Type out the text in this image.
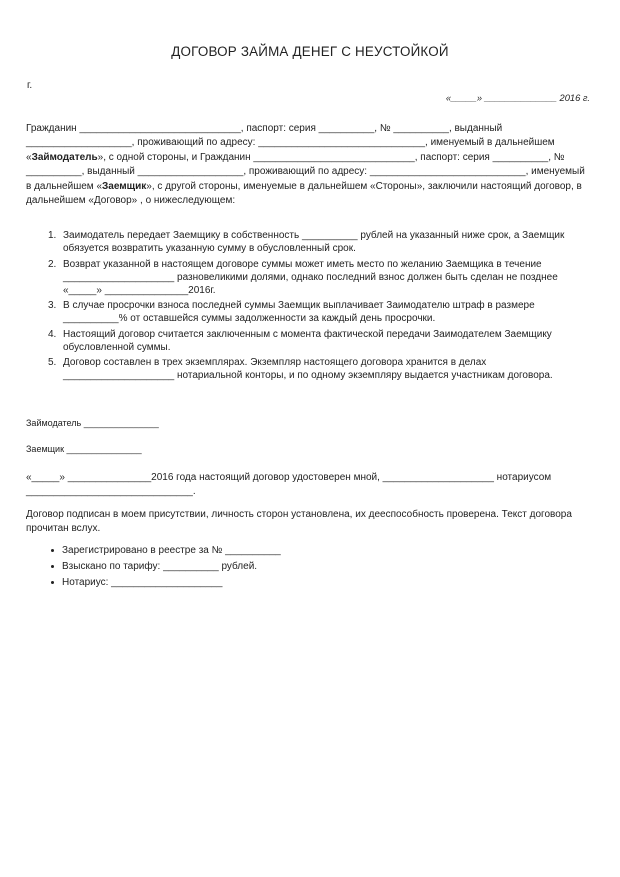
ДОГОВОР ЗАЙМА ДЕНЕГ С НЕУСТОЙКОЙ
г.
«_____» ______________ 2016 г.
Гражданин _____________________________, паспорт: серия __________, № __________, выданный ___________________, проживающий по адресу: ______________________________, именуемый в дальнейшем «Займодатель», с одной стороны, и Гражданин _____________________________, паспорт: серия __________, № __________, выданный ___________________, проживающий по адресу: ____________________________, именуемый в дальнейшем «Заемщик», с другой стороны, именуемые в дальнейшем «Стороны», заключили настоящий договор, в дальнейшем «Договор» , о нижеследующем:
1. Заимодатель передает Заемщику в собственность __________ рублей на указанный ниже срок, а Заемщик обязуется возвратить указанную сумму в обусловленный срок.
2. Возврат указанной в настоящем договоре суммы может иметь место по желанию Заемщика в течение ____________________ разновеликими долями, однако последний взнос должен быть сделан не позднее «_____» _______________2016г.
3. В случае просрочки взноса последней суммы Заемщик выплачивает Заимодателю штраф в размере __________% от оставшейся суммы задолженности за каждый день просрочки.
4. Настоящий договор считается заключенным с момента фактической передачи Заимодателем Заемщику обусловленной суммы.
5. Договор составлен в трех экземплярах. Экземпляр настоящего договора хранится в делах ____________________ нотариальной конторы, и по одному экземпляру выдается участникам договора.
Займодатель _______________
Заемщик _______________
«_____» _______________2016 года настоящий договор удостоверен мной, ____________________ нотариусом ______________________________.
Договор подписан в моем присутствии, личность сторон установлена, их дееспособность проверена. Текст договора прочитан вслух.
Зарегистрировано в реестре за № __________
Взыскано по тарифу: __________ рублей.
Нотариус: ____________________
